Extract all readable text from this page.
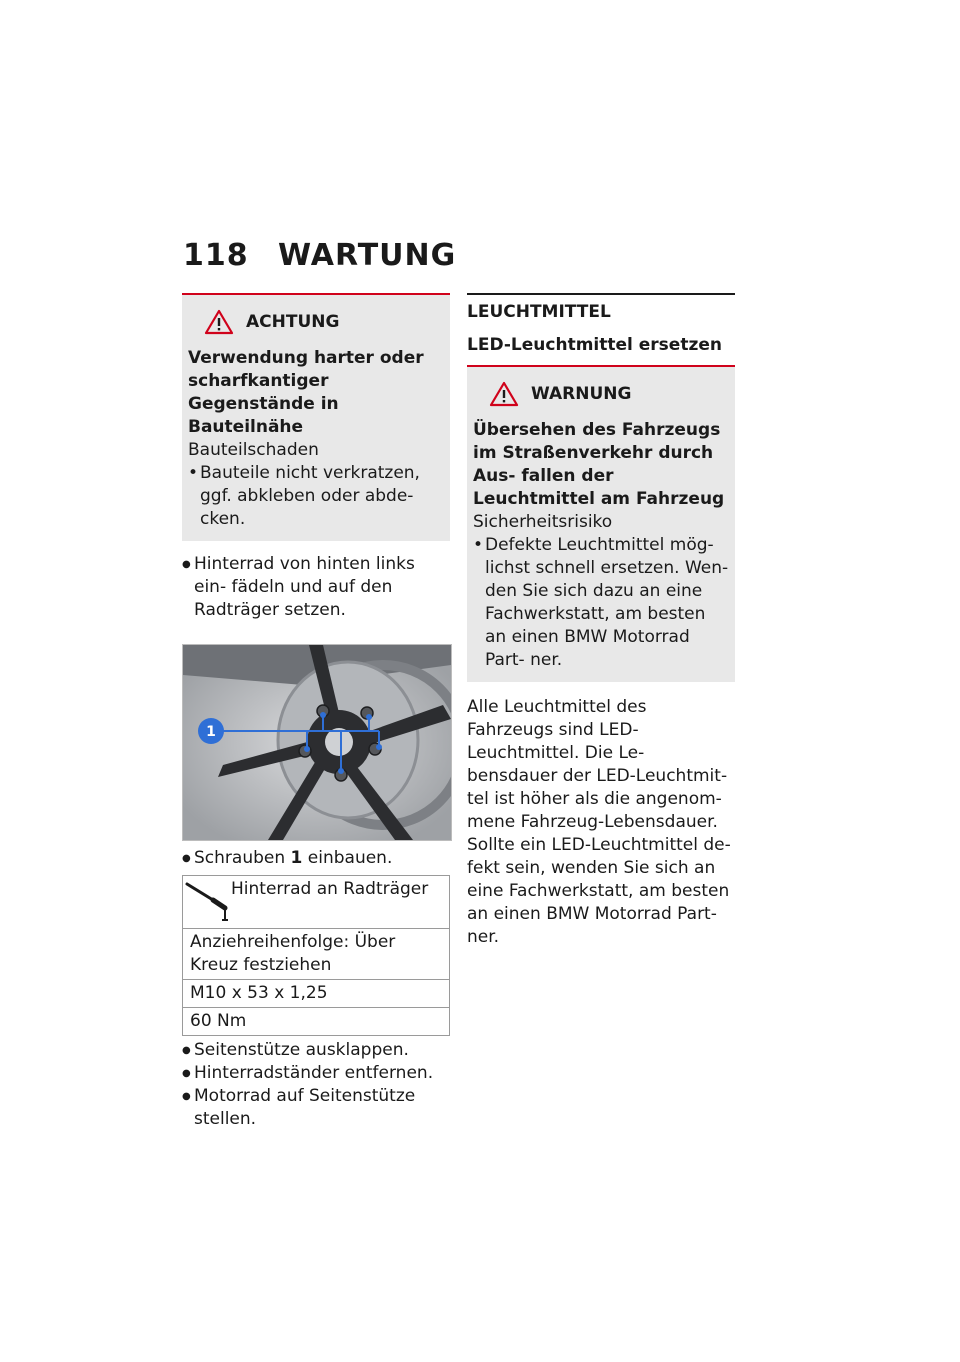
118 WARTUNG
ACHTUNG
Verwendung harter oder scharfkantiger Gegenstände in Bauteilnähe
Bauteilschaden
• Bauteile nicht verkratzen, ggf. abkleben oder abde- cken.
● Hinterrad von hinten links ein- fädeln und auf den Radträger setzen.
1
● Schrauben 1 einbauen.
Hinterrad an Radträger
Anziehreihenfolge: Über Kreuz festziehen
M10 x 53 x 1,25
60 Nm
● Seitenstütze ausklappen.
● Hinterradständer entfernen.
● Motorrad auf Seitenstütze stellen.
LEUCHTMITTEL
LED-Leuchtmittel ersetzen
WARNUNG
Übersehen des Fahrzeugs im Straßenverkehr durch Aus- fallen der Leuchtmittel am Fahrzeug
Sicherheitsrisiko
• Defekte Leuchtmittel mög- lichst schnell ersetzen. Wen- den Sie sich dazu an eine Fachwerkstatt, am besten an einen BMW Motorrad Part- ner.
Alle Leuchtmittel des Fahrzeugs sind LED-Leuchtmittel. Die Le- bensdauer der LED-Leuchtmit- tel ist höher als die angenom- mene Fahrzeug-Lebensdauer. Sollte ein LED-Leuchtmittel de- fekt sein, wenden Sie sich an eine Fachwerkstatt, am besten an einen BMW Motorrad Part- ner.
